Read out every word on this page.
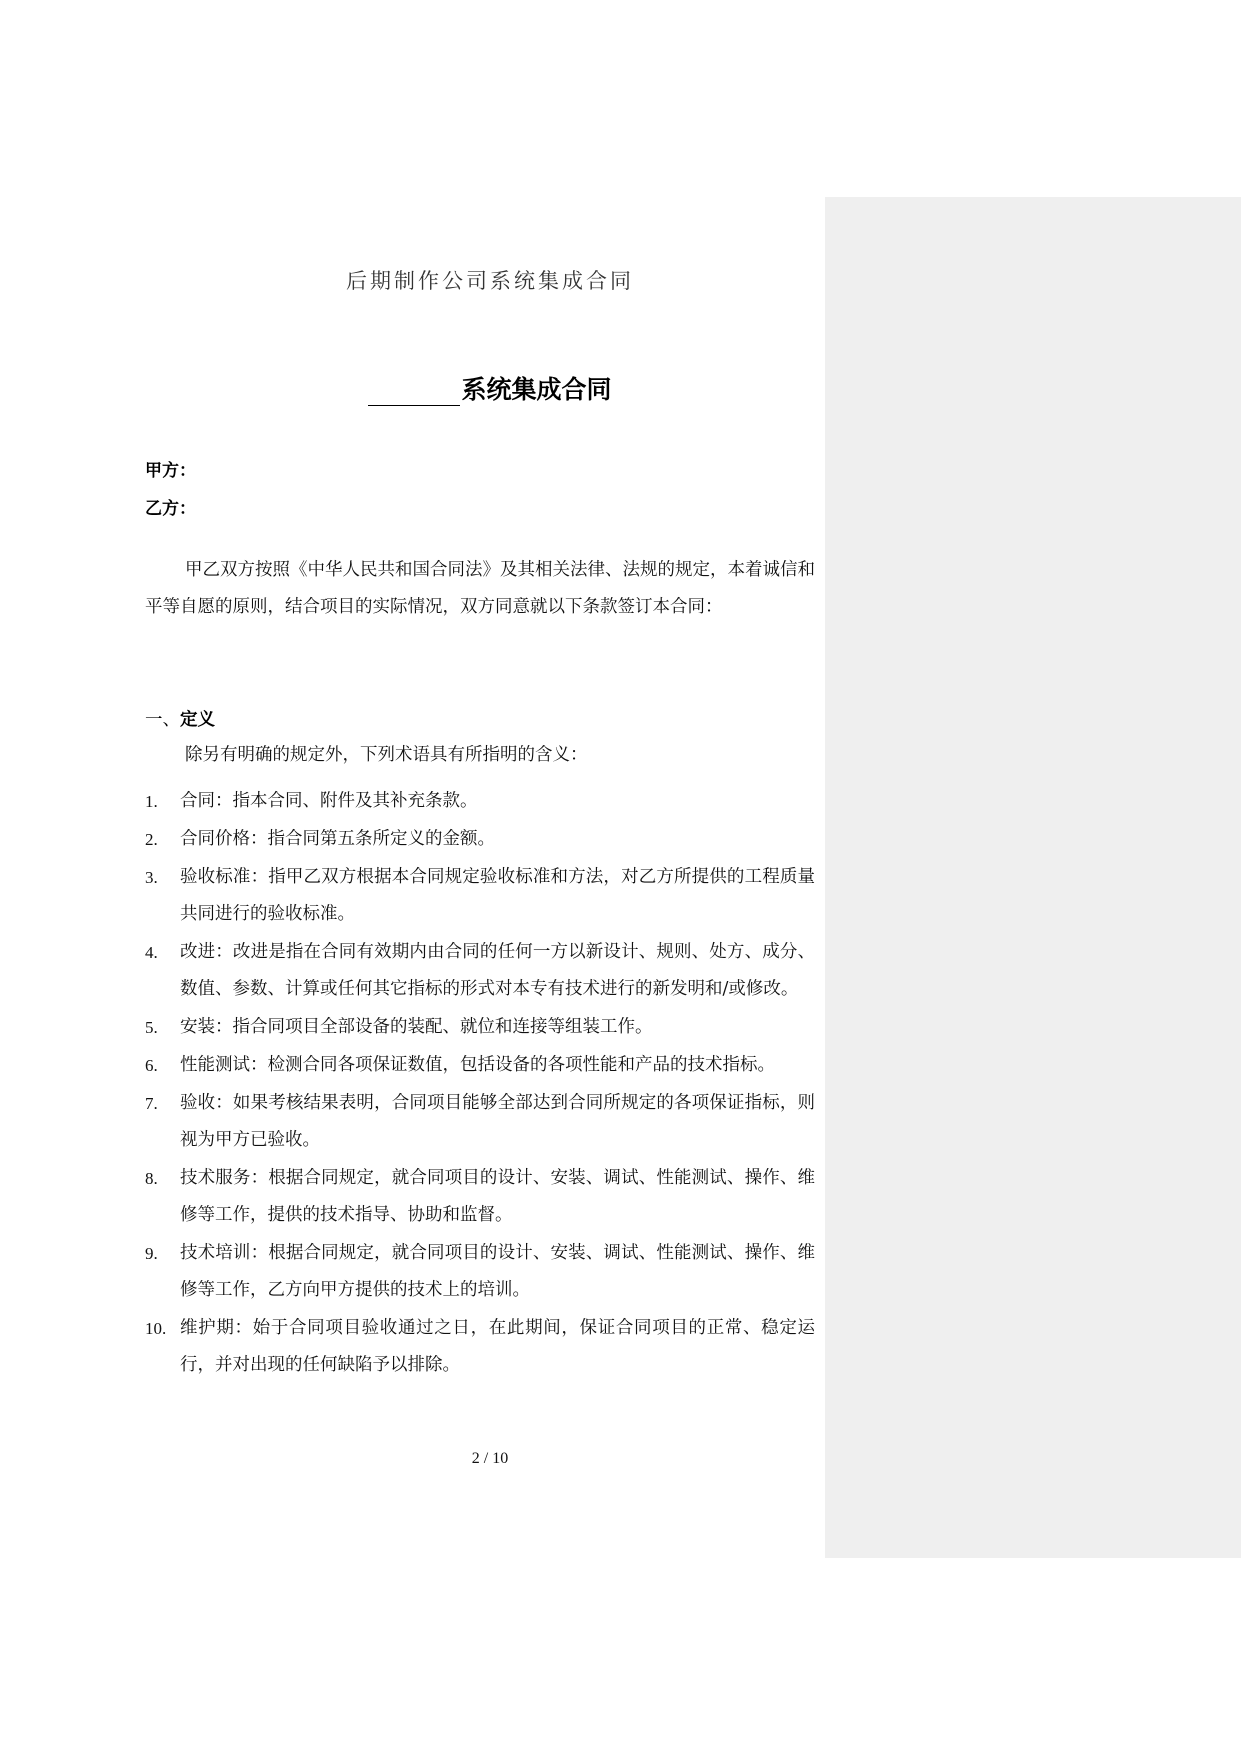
后期制作公司系统集成合同
系统集成合同
甲方：
乙方：
甲乙双方按照《中华人民共和国合同法》及其相关法律、法规的规定，本着诚信和平等自愿的原则，结合项目的实际情况，双方同意就以下条款签订本合同：
一、定义
除另有明确的规定外，下列术语具有所指明的含义：
1. 合同：指本合同、附件及其补充条款。
2. 合同价格：指合同第五条所定义的金额。
3. 验收标准：指甲乙双方根据本合同规定验收标准和方法，对乙方所提供的工程质量共同进行的验收标准。
4. 改进：改进是指在合同有效期内由合同的任何一方以新设计、规则、处方、成分、数值、参数、计算或任何其它指标的形式对本专有技术进行的新发明和/或修改。
5. 安装：指合同项目全部设备的装配、就位和连接等组装工作。
6. 性能测试：检测合同各项保证数值，包括设备的各项性能和产品的技术指标。
7. 验收：如果考核结果表明，合同项目能够全部达到合同所规定的各项保证指标，则视为甲方已验收。
8. 技术服务：根据合同规定，就合同项目的设计、安装、调试、性能测试、操作、维修等工作，提供的技术指导、协助和监督。
9. 技术培训：根据合同规定，就合同项目的设计、安装、调试、性能测试、操作、维修等工作，乙方向甲方提供的技术上的培训。
10. 维护期：始于合同项目验收通过之日，在此期间，保证合同项目的正常、稳定运行，并对出现的任何缺陷予以排除。
2 / 10
